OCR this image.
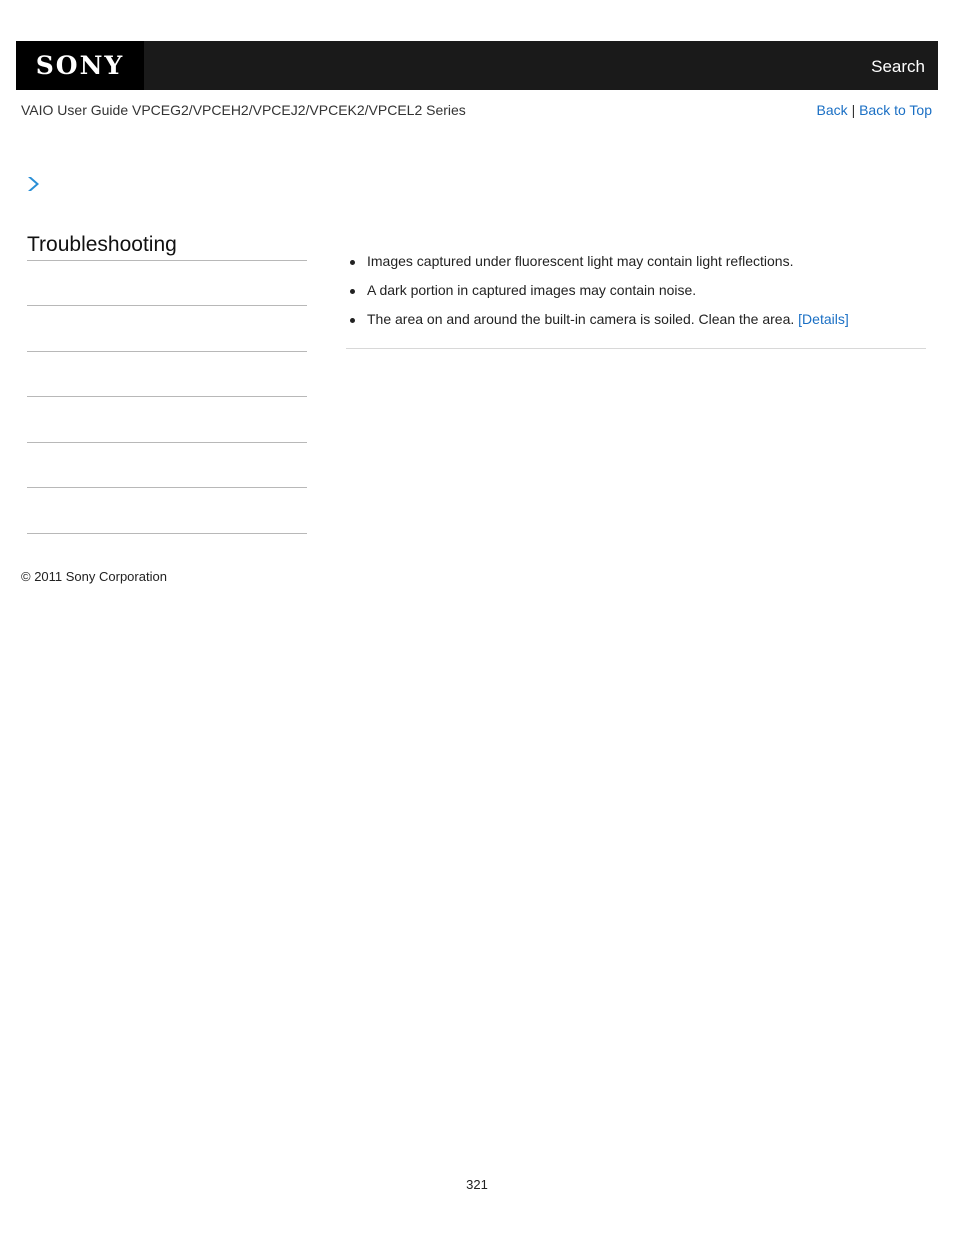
SONY	Search
VAIO User Guide VPCEG2/VPCEH2/VPCEJ2/VPCEK2/VPCEL2 Series	Back | Back to Top
Troubleshooting
Images captured under fluorescent light may contain light reflections.
A dark portion in captured images may contain noise.
The area on and around the built-in camera is soiled. Clean the area. [Details]
© 2011 Sony Corporation
321
